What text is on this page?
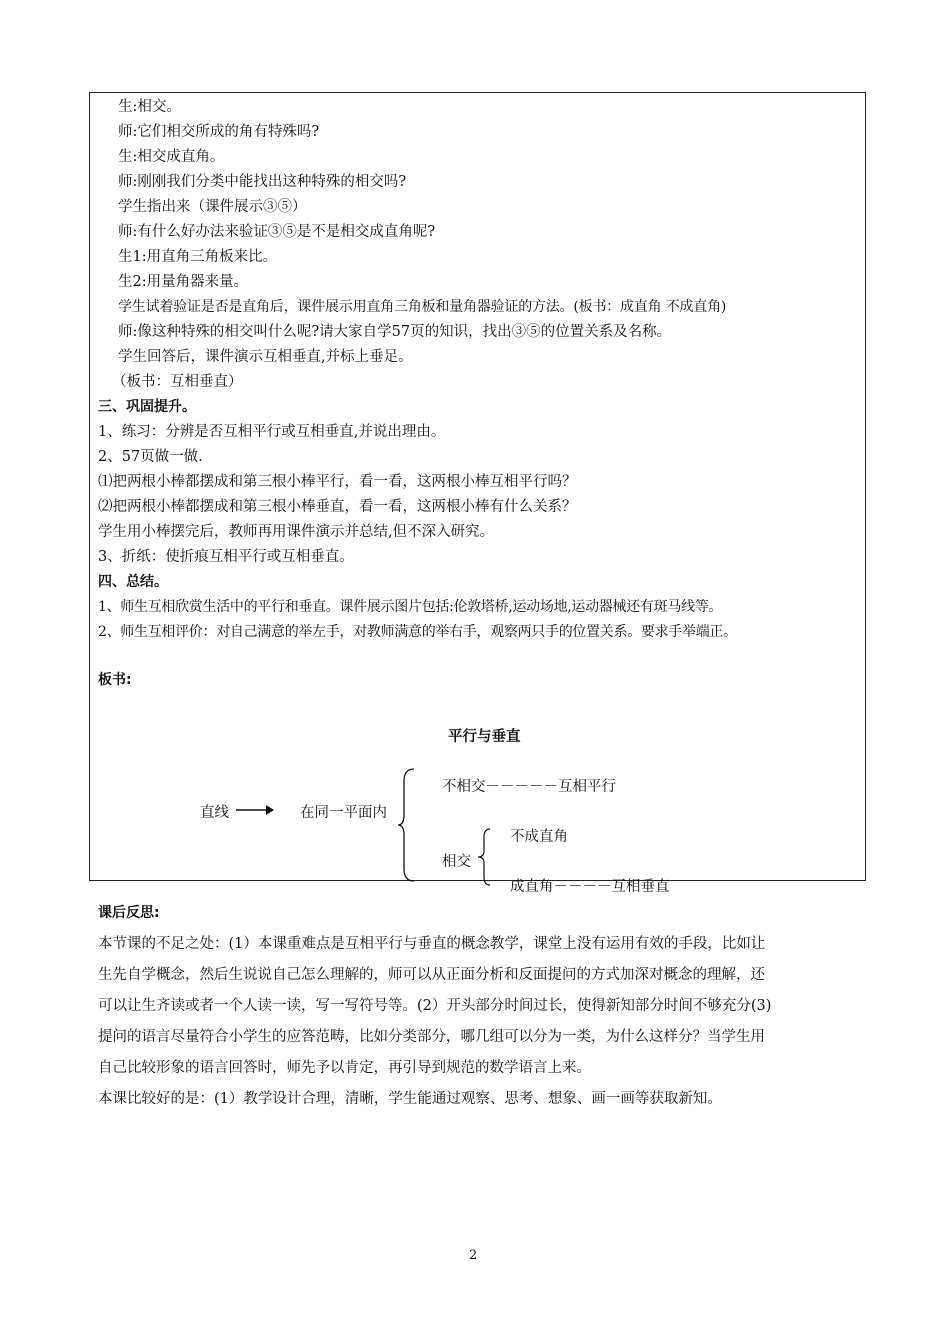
生:相交。
师:它们相交所成的角有特殊吗?
生:相交成直角。
师:刚刚我们分类中能找出这种特殊的相交吗?
学生指出来（课件展示③⑤）
师:有什么好办法来验证③⑤是不是相交成直角呢?
生1:用直角三角板来比。
生2:用量角器来量。
学生试着验证是否是直角后，课件展示用直角三角板和量角器验证的方法。(板书：成直角 不成直角)
师:像这种特殊的相交叫什么呢?请大家自学57页的知识，找出③⑤的位置关系及名称。
学生回答后，课件演示互相垂直,并标上垂足。
（板书：互相垂直）
三、巩固提升。
1、练习：分辨是否互相平行或互相垂直,并说出理由。
2、57页做一做.
⑴把两根小棒都摆成和第三根小棒平行，看一看，这两根小棒互相平行吗？
⑵把两根小棒都摆成和第三根小棒垂直，看一看，这两根小棒有什么关系？
学生用小棒摆完后，教师再用课件演示并总结,但不深入研究。
3、折纸：使折痕互相平行或互相垂直。
四、总结。
1、师生互相欣赏生活中的平行和垂直。课件展示图片包括:伦敦塔桥,运动场地,运动器械还有斑马线等。
2、师生互相评价：对自己满意的举左手，对教师满意的举右手，观察两只手的位置关系。要求手举端正。
板书:
平行与垂直
直线	在同一平面内
不相交－－－－－互相平行
相交
不成直角
成直角－－－－互相垂直
课后反思:
本节课的不足之处：(1）本课重难点是互相平行与垂直的概念教学，课堂上没有运用有效的手段，比如让
生先自学概念，然后生说说自己怎么理解的，师可以从正面分析和反面提问的方式加深对概念的理解，还
可以让生齐读或者一个人读一读，写一写符号等。(2）开头部分时间过长，使得新知部分时间不够充分(3)
提问的语言尽量符合小学生的应答范畴，比如分类部分，哪几组可以分为一类，为什么这样分？当学生用
自己比较形象的语言回答时，师先予以肯定，再引导到规范的数学语言上来。
本课比较好的是：(1）教学设计合理，清晰，学生能通过观察、思考、想象、画一画等获取新知。
2
